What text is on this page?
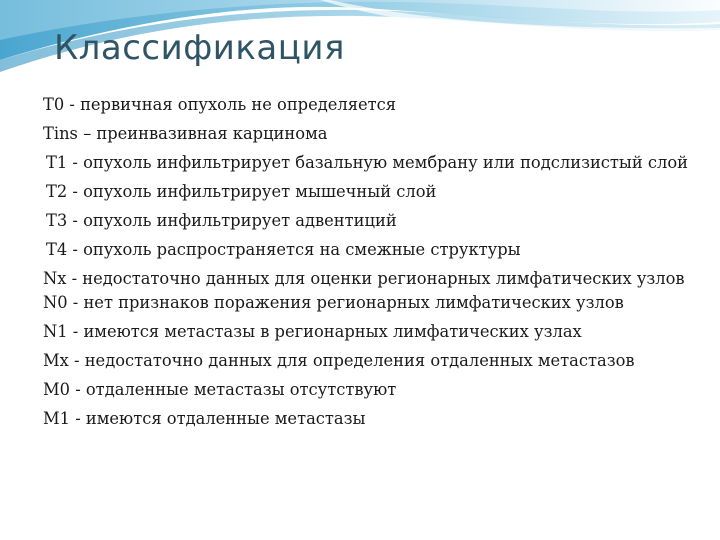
Классификация
T0 - первичная опухоль не определяется
Tins – преинвазивная карцинома
T1 - опухоль инфильтрирует базальную мембрану или подслизистый слой
T2 - опухоль инфильтрирует мышечный слой
T3 - опухоль инфильтрирует адвентиций
T4 - опухоль распространяется на смежные структуры
Nx - недостаточно данных для оценки регионарных лимфатических узлов N0 - нет признаков поражения регионарных лимфатических узлов
N1 - имеются метастазы в регионарных лимфатических узлах
Mx - недостаточно данных для определения отдаленных метастазов
M0 - отдаленные метастазы отсутствуют
M1 - имеются отдаленные метастазы
